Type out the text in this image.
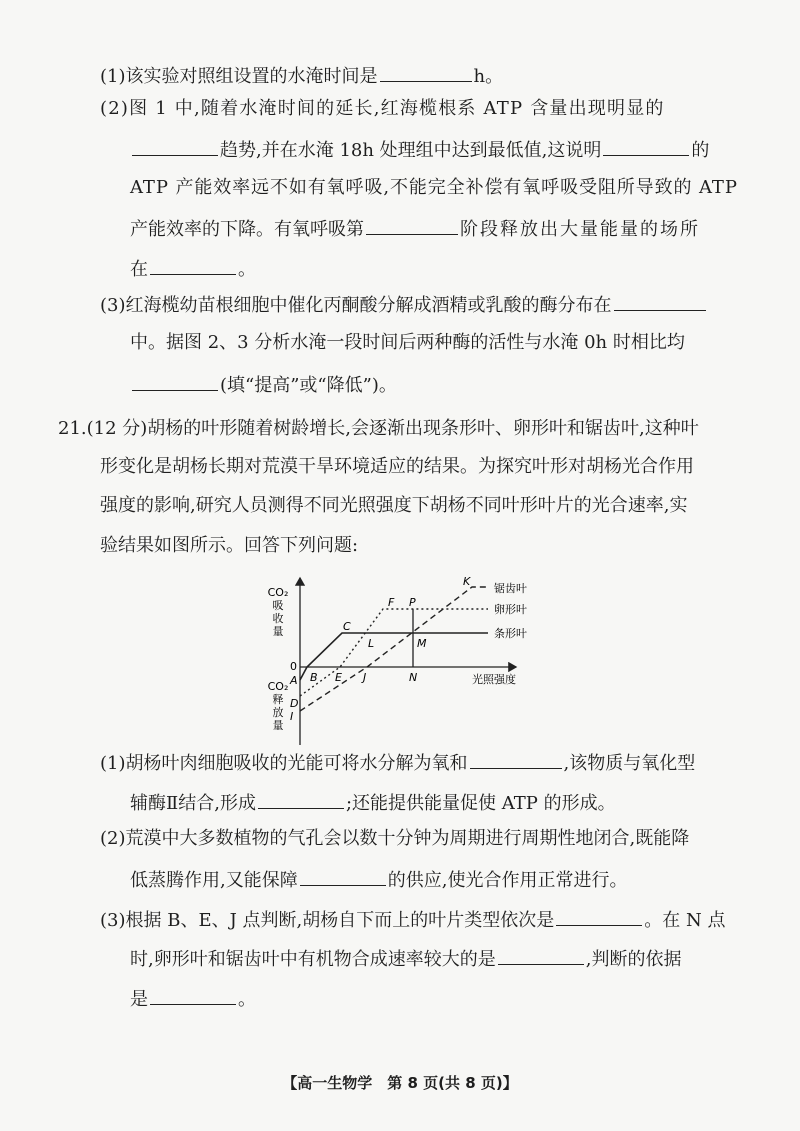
(1)该实验对照组设置的水淹时间是	h。
(2)图 1 中,随着水淹时间的延长,红海榄根系 ATP 含量出现明显的
趋势,并在水淹 18h 处理组中达到最低值,这说明	的
ATP 产能效率远不如有氧呼吸,不能完全补偿有氧呼吸受阻所导致的 ATP
产能效率的下降。有氧呼吸第	阶段释放出大量能量的场所
在	。
(3)红海榄幼苗根细胞中催化丙酮酸分解成酒精或乳酸的酶分布在
中。据图 2、3 分析水淹一段时间后两种酶的活性与水淹 0h 时相比均
(填“提高”或“降低”)。
21.(12 分)胡杨的叶形随着树龄增长,会逐渐出现条形叶、卵形叶和锯齿叶,这种叶
形变化是胡杨长期对荒漠干旱环境适应的结果。为探究叶形对胡杨光合作用
强度的影响,研究人员测得不同光照强度下胡杨不同叶形叶片的光合速率,实
验结果如图所示。回答下列问题:
CO₂ 吸收量
CO₂ 释放量
光照强度
0
A
D
I
B E J	N
C
L	M
F P
K
锯齿叶
卵形叶
条形叶
(1)胡杨叶肉细胞吸收的光能可将水分解为氧和	,该物质与氧化型
辅酶Ⅱ结合,形成	;还能提供能量促使 ATP 的形成。
(2)荒漠中大多数植物的气孔会以数十分钟为周期进行周期性地闭合,既能降
低蒸腾作用,又能保障	的供应,使光合作用正常进行。
(3)根据 B、E、J 点判断,胡杨自下而上的叶片类型依次是	。在 N 点
时,卵形叶和锯齿叶中有机物合成速率较大的是	,判断的依据
是	。
【高一生物学　第 8 页(共 8 页)】
